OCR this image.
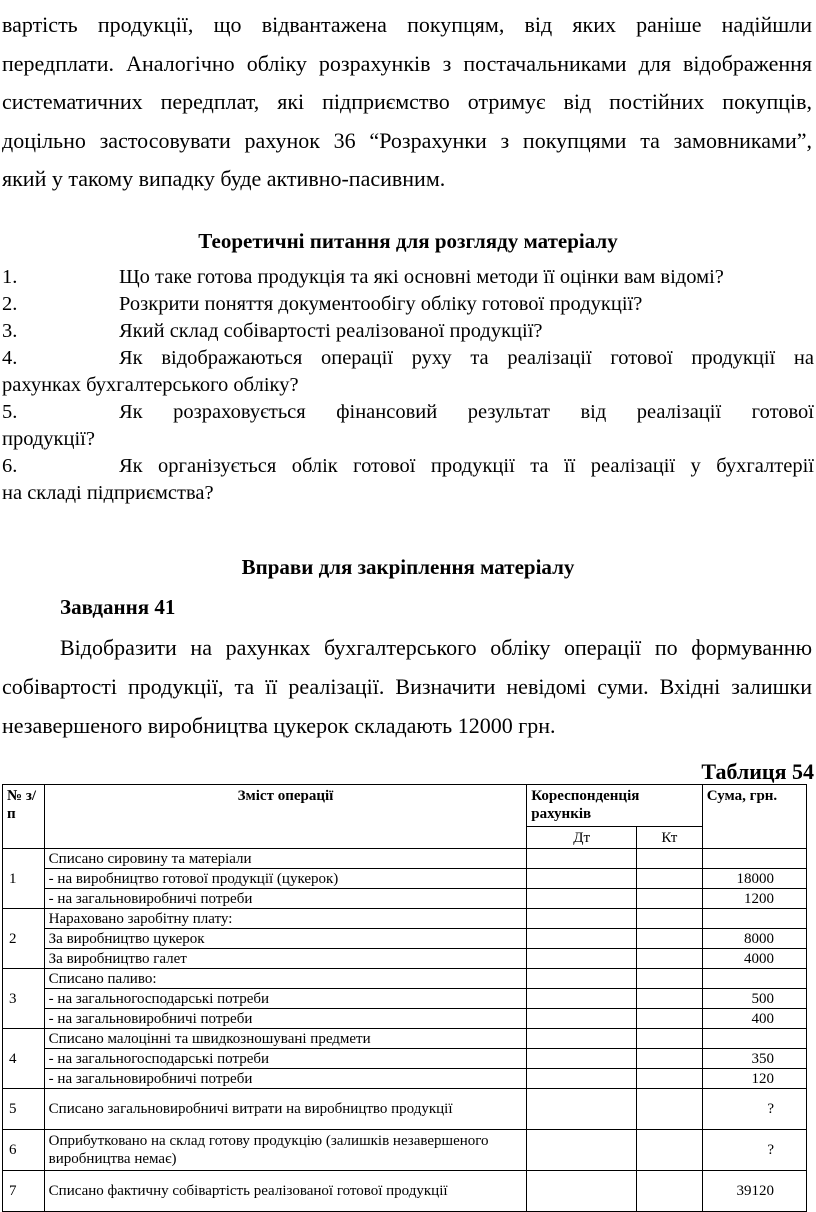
вартість продукції, що відвантажена покупцям, від яких раніше надійшли
передплати. Аналогічно обліку розрахунків з постачальниками для відображення
систематичних передплат, які підприємство отримує від постійних покупців,
доцільно застосовувати рахунок 36 “Розрахунки з покупцями та замовниками”,
який у такому випадку буде активно-пасивним.
Теоретичні питання для розгляду матеріалу
1.	Що таке готова продукція та які основні методи її оцінки вам відомі?
2.	Розкрити поняття документообігу обліку готової продукції?
3.	Який склад собівартості реалізованої продукції?
4.	Як відображаються операції руху та реалізації готової продукції на
рахунках бухгалтерського обліку?
5.	Як розраховується фінансовий результат від реалізації готової
продукції?
6.	Як організується облік готової продукції та її реалізації у бухгалтерії
на складі підприємства?
Вправи для закріплення матеріалу
Завдання 41
Відобразити на рахунках бухгалтерського обліку операції по формуванню
собівартості продукції, та її реалізації. Визначити невідомі суми. Вхідні залишки
незавершеного виробництва цукерок складають 12000 грн.
Таблиця 54
№ з/п	Зміст операції	Кореспонденція рахунків		Сума, грн.
		Дт	Кт	
1	Списано сировину та матеріали			
	- на виробництво готової продукції (цукерок)			18000
	- на загальновиробничі потреби			1200
2	Нараховано заробітну плату:			
	За виробництво цукерок			8000
	За виробництво галет			4000
3	Списано паливо:			
	- на загальногосподарські потреби			500
	- на загальновиробничі потреби			400
4	Списано малоцінні та швидкозношувані предмети			
	- на загальногосподарські потреби			350
	- на загальновиробничі потреби			120
5	Списано загальновиробничі витрати на виробництво продукції			?
6	Оприбутковано на склад готову продукцію (залишків незавершеного виробництва немає)			?
7	Списано фактичну собівартість реалізованої готової продукції			39120
